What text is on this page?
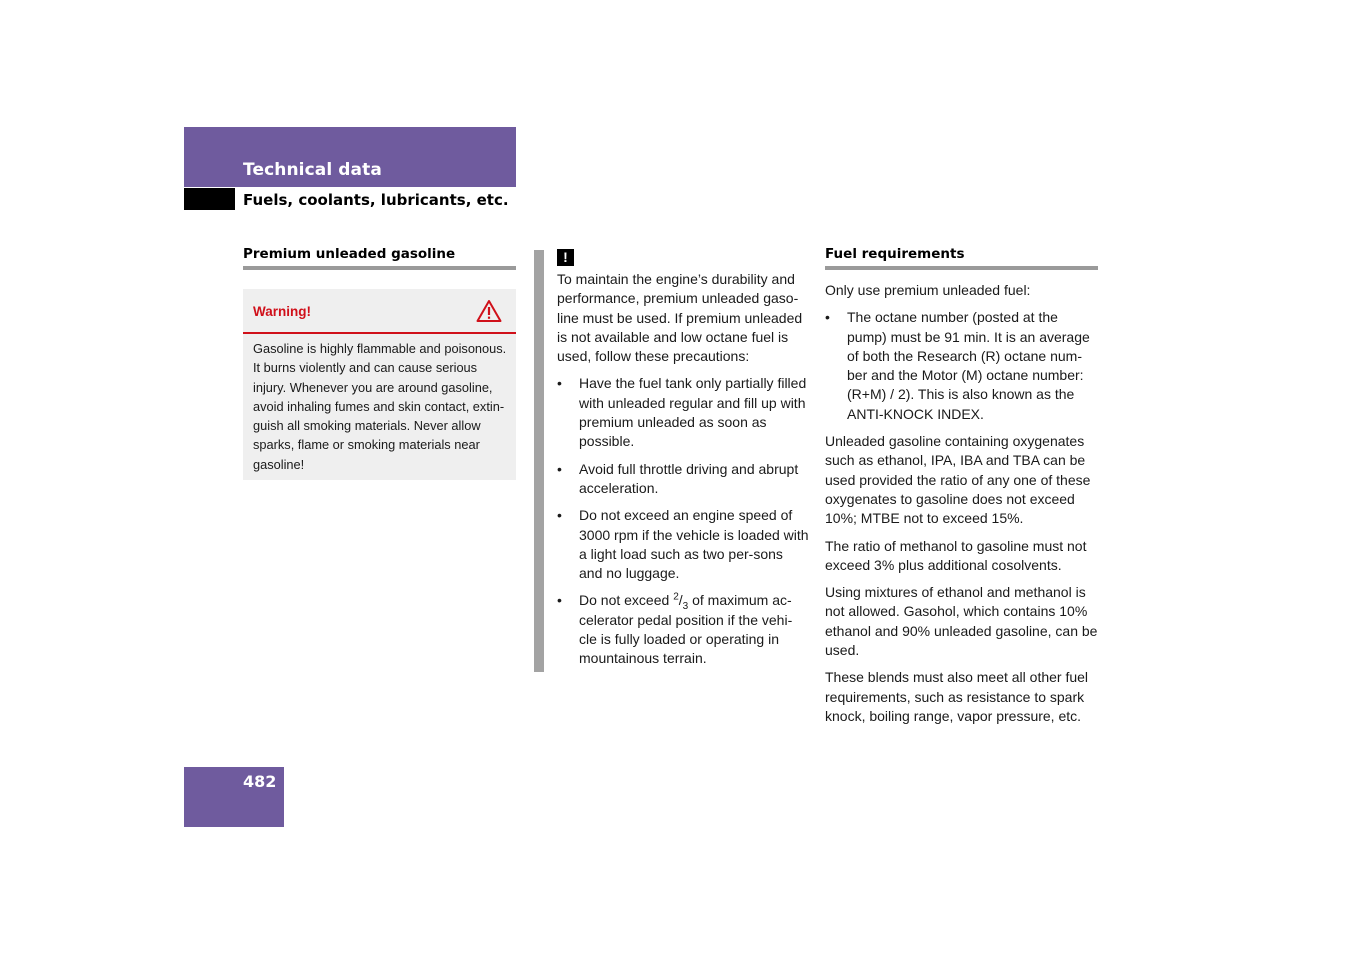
Technical data
Fuels, coolants, lubricants, etc.
Premium unleaded gasoline
Warning!
Gasoline is highly flammable and poisonous. It burns violently and can cause serious injury. Whenever you are around gasoline, avoid inhaling fumes and skin contact, extin-guish all smoking materials. Never allow sparks, flame or smoking materials near gasoline!
!

To maintain the engine’s durability and performance, premium unleaded gaso-line must be used. If premium unleaded is not available and low octane fuel is used, follow these precautions:

• Have the fuel tank only partially filled with unleaded regular and fill up with premium unleaded as soon as possible.
• Avoid full throttle driving and abrupt acceleration.
• Do not exceed an engine speed of 3000 rpm if the vehicle is loaded with a light load such as two per-sons and no luggage.
• Do not exceed $^2/_3$ of maximum ac-celerator pedal position if the vehi-cle is fully loaded or operating in mountainous terrain.
Fuel requirements

Only use premium unleaded fuel:

• The octane number (posted at the pump) must be 91 min. It is an average of both the Research (R) octane num-ber and the Motor (M) octane number: (R+M) / 2). This is also known as the ANTI-KNOCK INDEX.

Unleaded gasoline containing oxygenates such as ethanol, IPA, IBA and TBA can be used provided the ratio of any one of these oxygenates to gasoline does not exceed 10%; MTBE not to exceed 15%.

The ratio of methanol to gasoline must not exceed 3% plus additional cosolvents.

Using mixtures of ethanol and methanol is not allowed. Gasohol, which contains 10% ethanol and 90% unleaded gasoline, can be used.

These blends must also meet all other fuel requirements, such as resistance to spark knock, boiling range, vapor pressure, etc.

482
